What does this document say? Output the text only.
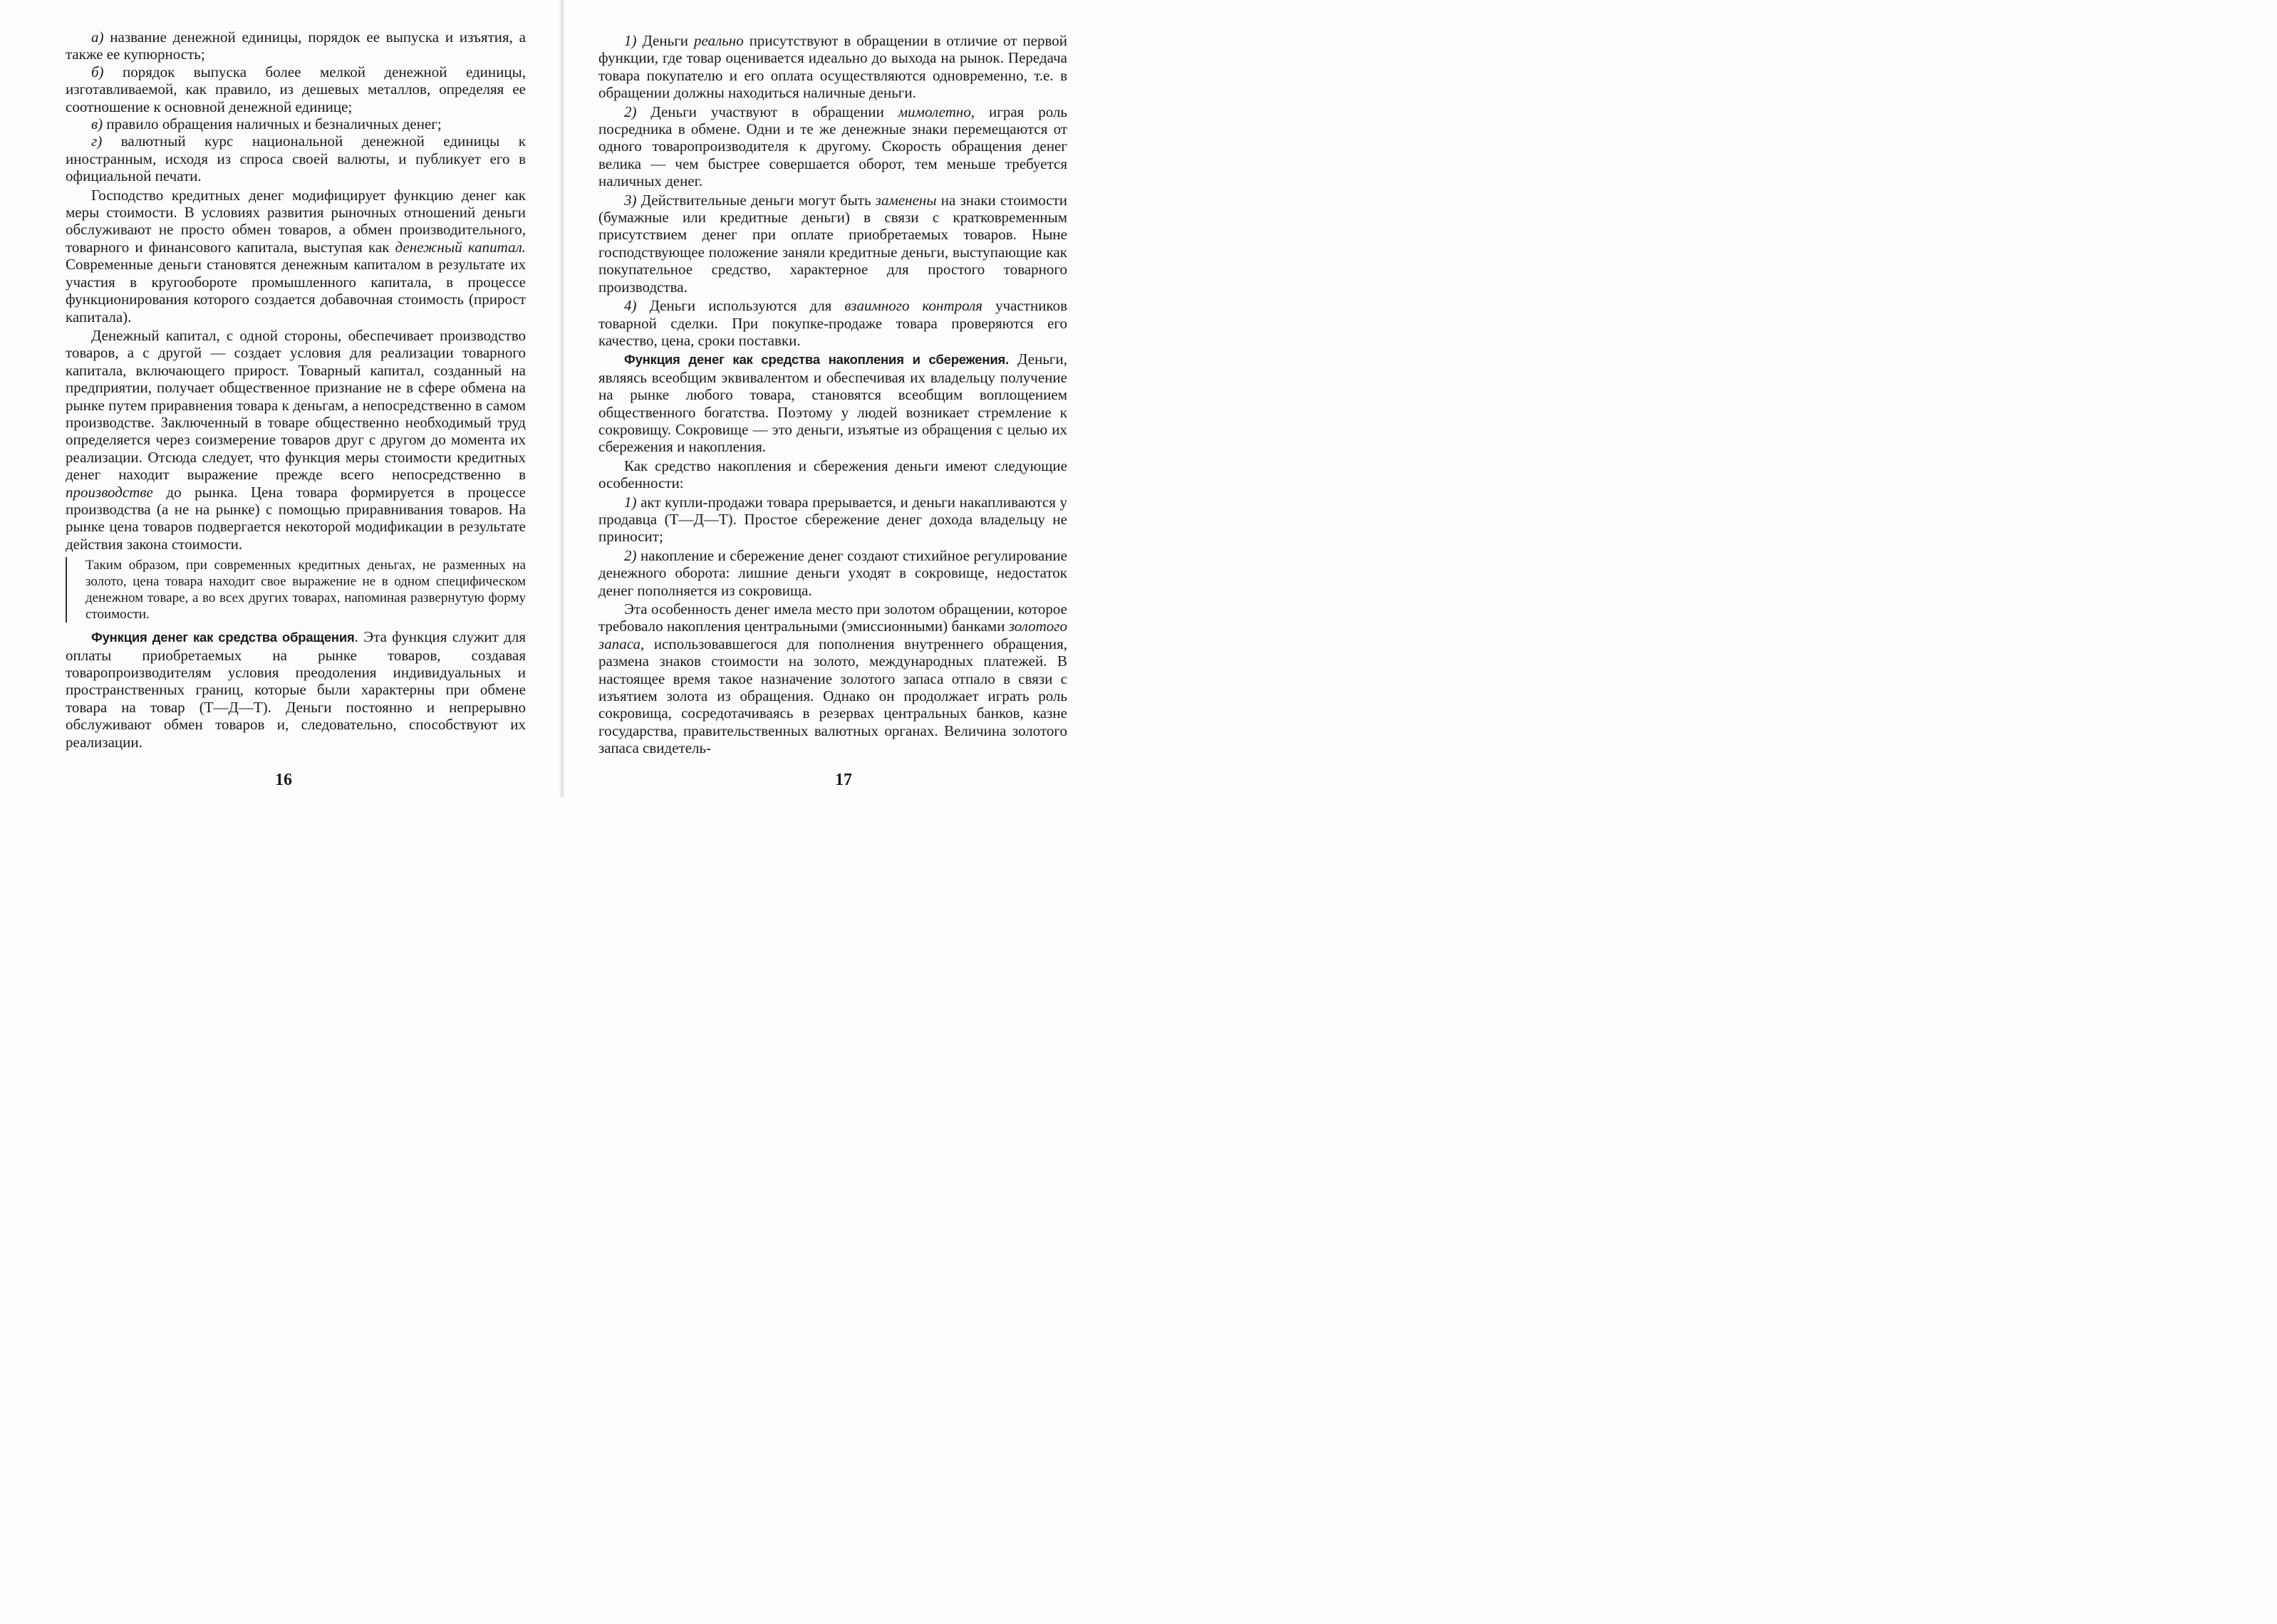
а) название денежной единицы, порядок ее выпуска и изъятия, а также ее купюрность;

б) порядок выпуска более мелкой денежной единицы, изготавливаемой, как правило, из дешевых металлов, определяя ее соотношение к основной денежной единице;

в) правило обращения наличных и безналичных денег;

г) валютный курс национальной денежной единицы к иностранным, исходя из спроса своей валюты, и публикует его в официальной печати.

Господство кредитных денег модифицирует функцию денег как меры стоимости. В условиях развития рыночных отношений деньги обслуживают не просто обмен товаров, а обмен производительного, товарного и финансового капитала, выступая как денежный капитал. Современные деньги становятся денежным капиталом в результате их участия в кругообороте промышленного капитала, в процессе функционирования которого создается добавочная стоимость (прирост капитала).

Денежный капитал, с одной стороны, обеспечивает производство товаров, а с другой — создает условия для реализации товарного капитала, включающего прирост. Товарный капитал, созданный на предприятии, получает общественное признание не в сфере обмена на рынке путем приравнения товара к деньгам, а непосредственно в самом производстве. Заключенный в товаре общественно необходимый труд определяется через соизмерение товаров друг с другом до момента их реализации. Отсюда следует, что функция меры стоимости кредитных денег находит выражение прежде всего непосредственно в производстве до рынка. Цена товара формируется в процессе производства (а не на рынке) с помощью приравнивания товаров. На рынке цена товаров подвергается некоторой модификации в результате действия закона стоимости.

Таким образом, при современных кредитных деньгах, не разменных на золото, цена товара находит свое выражение не в одном специфическом денежном товаре, а во всех других товарах, напоминая развернутую форму стоимости.

Функция денег как средства обращения. Эта функция служит для оплаты приобретаемых на рынке товаров, создавая товаропроизводителям условия преодоления индивидуальных и пространственных границ, которые были характерны при обмене товара на товар (Т—Д—Т). Деньги постоянно и непрерывно обслуживают обмен товаров и, следовательно, способствуют их реализации.

16

1) Деньги реально присутствуют в обращении в отличие от первой функции, где товар оценивается идеально до выхода на рынок. Передача товара покупателю и его оплата осуществляются одновременно, т.е. в обращении должны находиться наличные деньги.

2) Деньги участвуют в обращении мимолетно, играя роль посредника в обмене. Одни и те же денежные знаки перемещаются от одного товаропроизводителя к другому. Скорость обращения денег велика — чем быстрее совершается оборот, тем меньше требуется наличных денег.

3) Действительные деньги могут быть заменены на знаки стоимости (бумажные или кредитные деньги) в связи с кратковременным присутствием денег при оплате приобретаемых товаров. Ныне господствующее положение заняли кредитные деньги, выступающие как покупательное средство, характерное для простого товарного производства.

4) Деньги используются для взаимного контроля участников товарной сделки. При покупке-продаже товара проверяются его качество, цена, сроки поставки.

Функция денег как средства накопления и сбережения. Деньги, являясь всеобщим эквивалентом и обеспечивая их владельцу получение на рынке любого товара, становятся всеобщим воплощением общественного богатства. Поэтому у людей возникает стремление к сокровищу. Сокровище — это деньги, изъятые из обращения с целью их сбережения и накопления.

Как средство накопления и сбережения деньги имеют следующие особенности:

1) акт купли-продажи товара прерывается, и деньги накапливаются у продавца (Т—Д—Т). Простое сбережение денег дохода владельцу не приносит;

2) накопление и сбережение денег создают стихийное регулирование денежного оборота: лишние деньги уходят в сокровище, недостаток денег пополняется из сокровища.

Эта особенность денег имела место при золотом обращении, которое требовало накопления центральными (эмиссионными) банками золотого запаса, использовавшегося для пополнения внутреннего обращения, размена знаков стоимости на золото, международных платежей. В настоящее время такое назначение золотого запаса отпало в связи с изъятием золота из обращения. Однако он продолжает играть роль сокровища, сосредотачиваясь в резервах центральных банков, казне государства, правительственных валютных органах. Величина золотого запаса свидетель-

17
